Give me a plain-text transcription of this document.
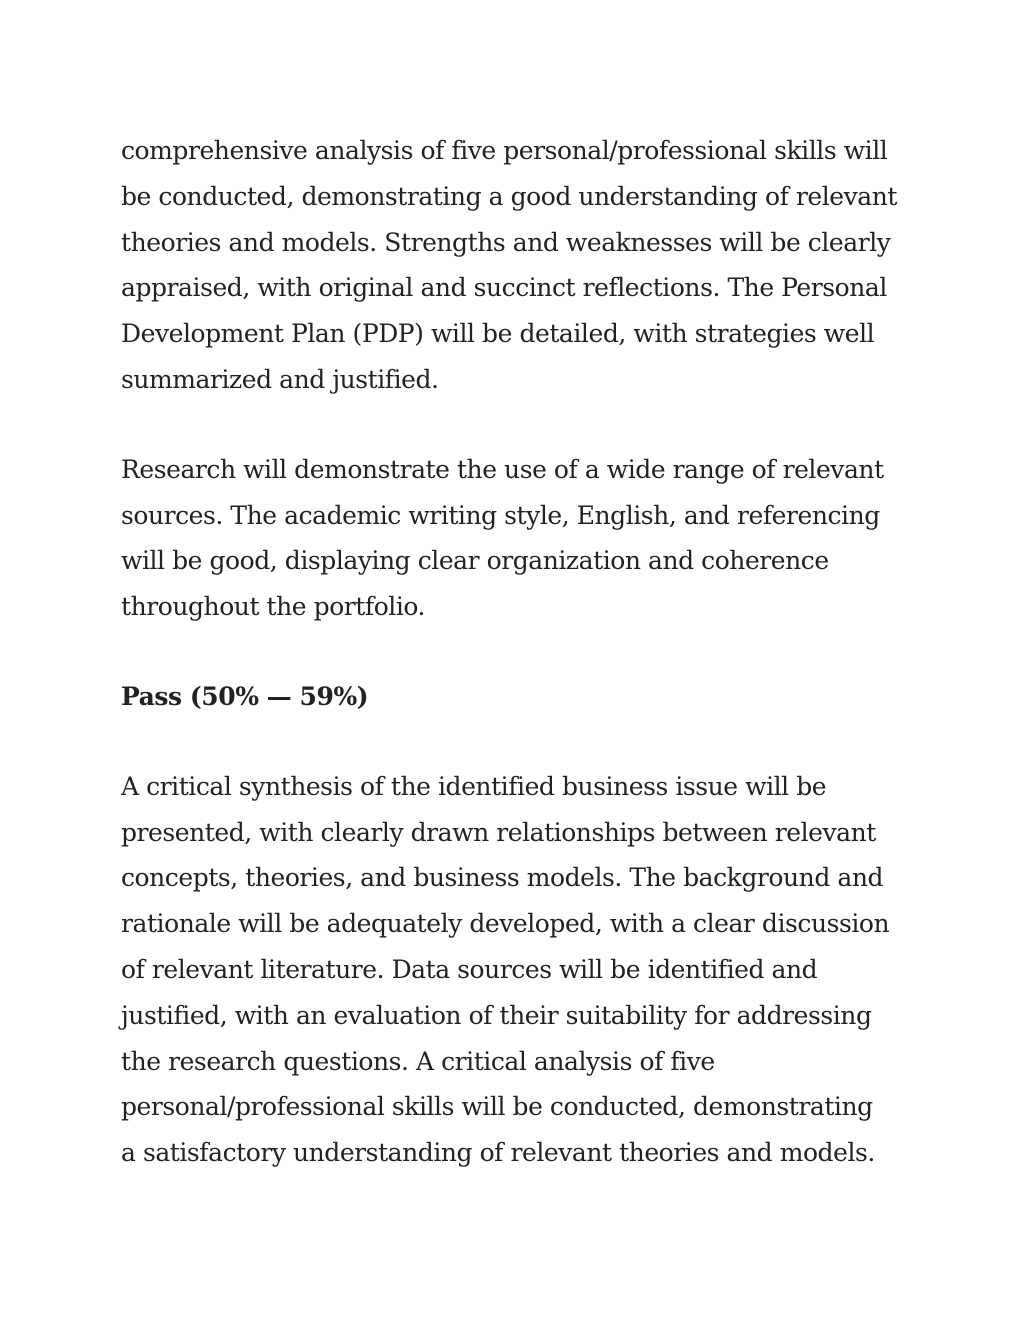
comprehensive analysis of five personal/professional skills will
be conducted, demonstrating a good understanding of relevant
theories and models. Strengths and weaknesses will be clearly
appraised, with original and succinct reflections. The Personal
Development Plan (PDP) will be detailed, with strategies well
summarized and justified.

Research will demonstrate the use of a wide range of relevant
sources. The academic writing style, English, and referencing
will be good, displaying clear organization and coherence
throughout the portfolio.

Pass (50% — 59%)

A critical synthesis of the identified business issue will be
presented, with clearly drawn relationships between relevant
concepts, theories, and business models. The background and
rationale will be adequately developed, with a clear discussion
of relevant literature. Data sources will be identified and
justified, with an evaluation of their suitability for addressing
the research questions. A critical analysis of five
personal/professional skills will be conducted, demonstrating
a satisfactory understanding of relevant theories and models.
